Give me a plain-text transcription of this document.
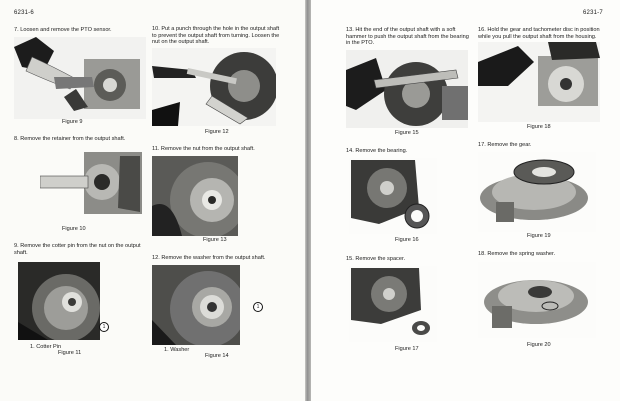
6231-6
7. Loosen and remove the PTO sensor.
Figure 9
8. Remove the retainer from the output shaft.
Figure 10
9. Remove the cotter pin from the nut on the output shaft.
1
1. Cotter Pin
Figure 11
10. Put a punch through the hole in the output shaft to prevent the output shaft from turning. Loosen the nut on the output shaft.
Figure 12
11. Remove the nut from the output shaft.
Figure 13
12. Remove the washer from the output shaft.
1
1. Washer
Figure 14
6231-7
13. Hit the end of the output shaft with a soft hammer to push the output shaft from the bearing in the PTO.
Figure 15
14. Remove the bearing.
Figure 16
15. Remove the spacer.
Figure 17
16. Hold the gear and tachometer disc in position while you pull the output shaft from the housing.
Figure 18
17. Remove the gear.
Figure 19
18. Remove the spring washer.
Figure 20
